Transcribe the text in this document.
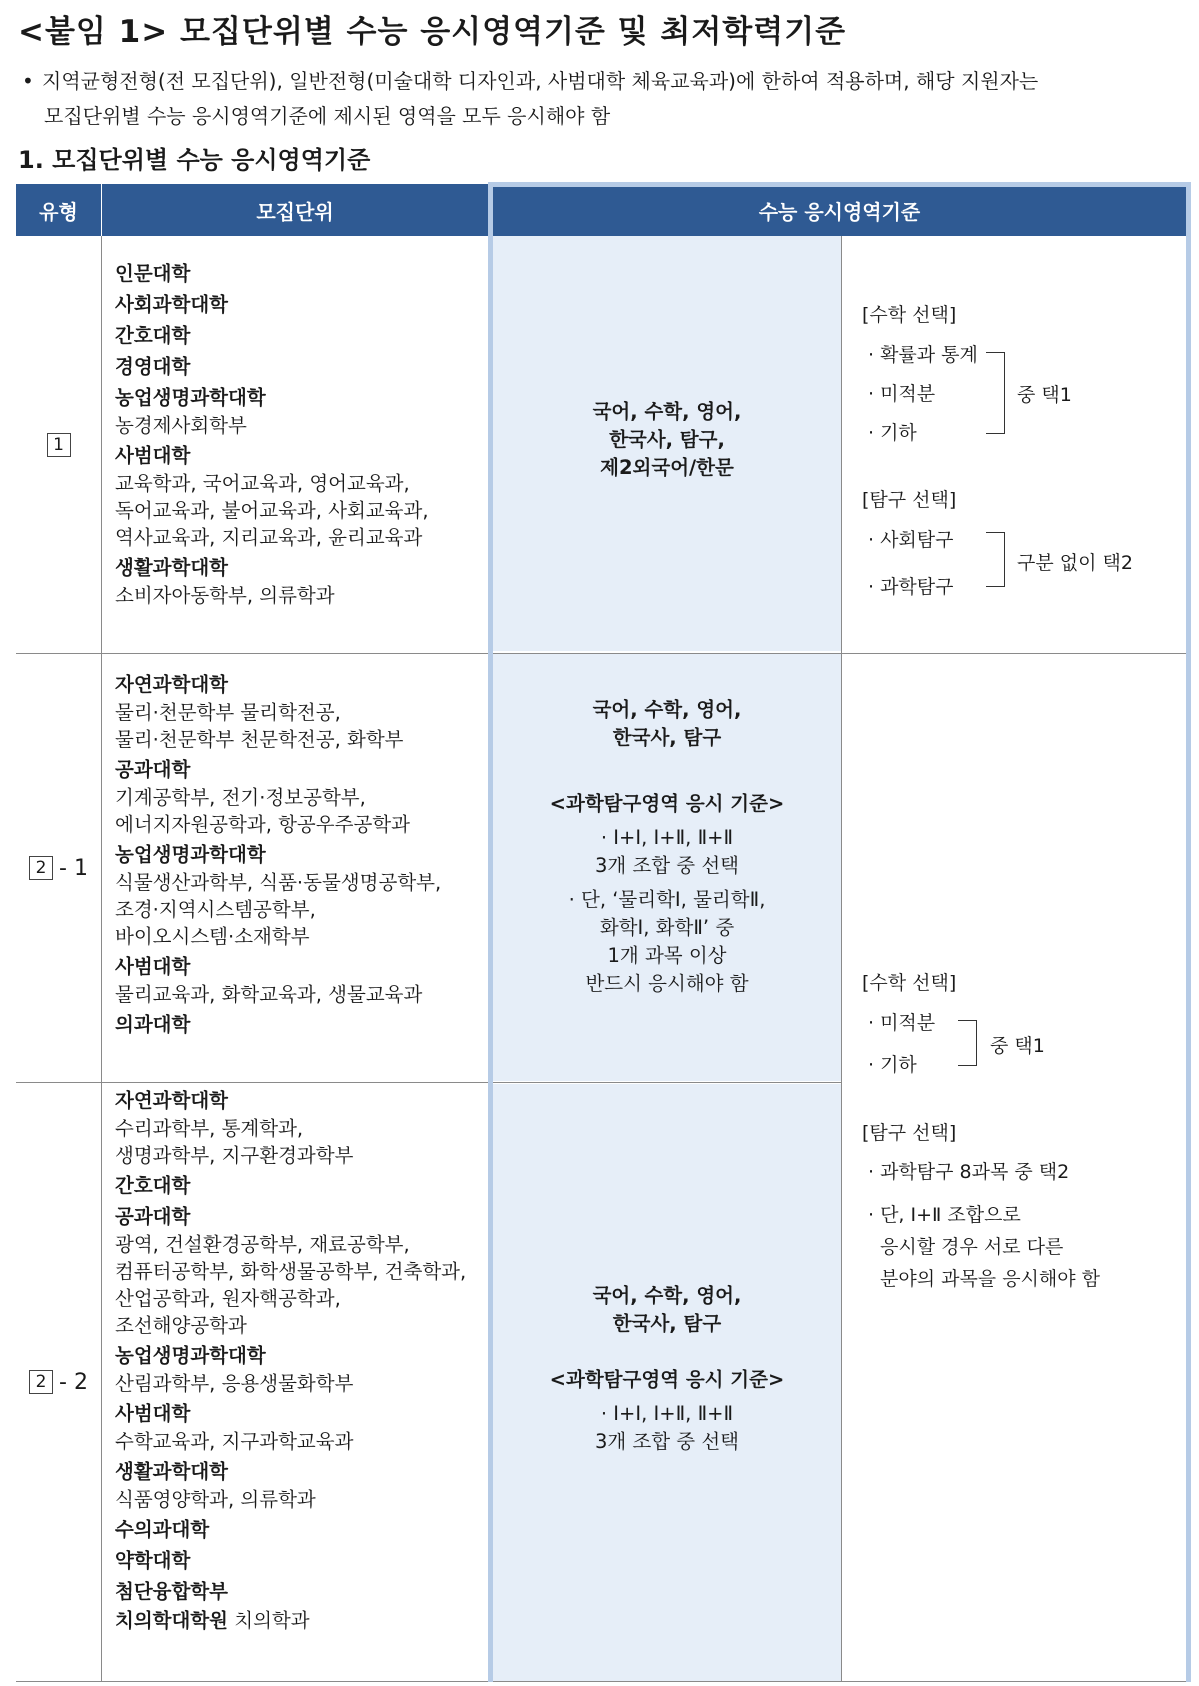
<붙임 1> 모집단위별 수능 응시영역기준 및 최저학력기준
• 지역균형전형(전 모집단위), 일반전형(미술대학 디자인과, 사범대학 체육교육과)에 한하여 적용하며, 해당 지원자는
모집단위별 수능 응시영역기준에 제시된 영역을 모두 응시해야 함
1. 모집단위별 수능 응시영역기준
유형	모집단위	수능 응시영역기준
1
2 - 1
2 - 2
인문대학
사회과학대학
간호대학
경영대학
농업생명과학대학
농경제사회학부
사범대학
교육학과, 국어교육과, 영어교육과,
독어교육과, 불어교육과, 사회교육과,
역사교육과, 지리교육과, 윤리교육과
생활과학대학
소비자아동학부, 의류학과
자연과학대학
물리·천문학부 물리학전공,
물리·천문학부 천문학전공, 화학부
공과대학
기계공학부, 전기·정보공학부,
에너지자원공학과, 항공우주공학과
농업생명과학대학
식물생산과학부, 식품·동물생명공학부,
조경·지역시스템공학부,
바이오시스템·소재학부
사범대학
물리교육과, 화학교육과, 생물교육과
의과대학
자연과학대학
수리과학부, 통계학과,
생명과학부, 지구환경과학부
간호대학
공과대학
광역, 건설환경공학부, 재료공학부,
컴퓨터공학부, 화학생물공학부, 건축학과,
산업공학과, 원자핵공학과,
조선해양공학과
농업생명과학대학
산림과학부, 응용생물화학부
사범대학
수학교육과, 지구과학교육과
생활과학대학
식품영양학과, 의류학과
수의과대학
약학대학
첨단융합학부
치의학대학원 치의학과
국어, 수학, 영어,
한국사, 탐구,
제2외국어/한문
국어, 수학, 영어,
한국사, 탐구
<과학탐구영역 응시 기준>
· Ⅰ+Ⅰ, Ⅰ+Ⅱ, Ⅱ+Ⅱ
3개 조합 중 선택
· 단, ‘물리학Ⅰ, 물리학Ⅱ,
화학Ⅰ, 화학Ⅱ’ 중
1개 과목 이상
반드시 응시해야 함
국어, 수학, 영어,
한국사, 탐구
<과학탐구영역 응시 기준>
· Ⅰ+Ⅰ, Ⅰ+Ⅱ, Ⅱ+Ⅱ
3개 조합 중 선택
[수학 선택]
· 확률과 통계
· 미적분
· 기하
중 택1
[탐구 선택]
· 사회탐구
· 과학탐구
구분 없이 택2
[수학 선택]
· 미적분
· 기하
중 택1
[탐구 선택]
· 과학탐구 8과목 중 택2
· 단, Ⅰ+Ⅱ 조합으로
응시할 경우 서로 다른
분야의 과목을 응시해야 함
